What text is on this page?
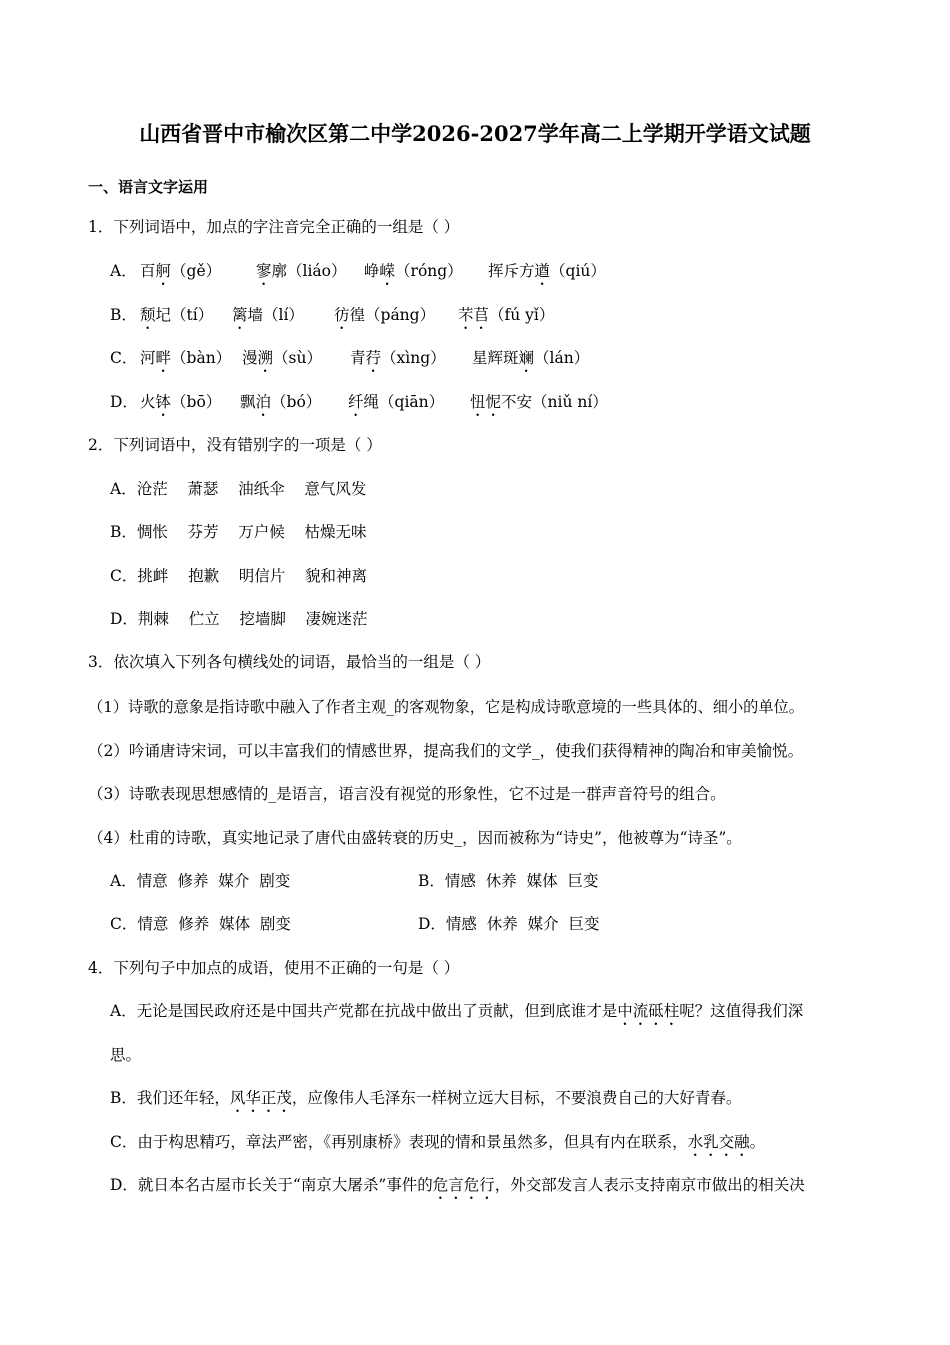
山西省晋中市榆次区第二中学2026-2027学年高二上学期开学语文试题
一、语言文字运用
1．下列词语中，加点的字注音完全正确的一组是（ ）
A． 百舸（gě） 寥廓（liáo） 峥嵘（róng） 挥斥方遒（qiú）
B． 颓圮（tí） 篱墙（lí） 彷徨（páng） 芣苢（fú yǐ）
C． 河畔（bàn） 漫溯（sù） 青荇（xìng） 星辉斑斓（lán）
D． 火钵（bō） 飘泊（bó） 纤绳（qiān） 忸怩不安（niǔ ní）
2．下列词语中，没有错别字的一项是（ ）
A．沧茫    萧瑟    油纸伞    意气风发
B．惆怅    芬芳    万户候    枯燥无味
C．挑衅    抱歉    明信片    貌和神离
D．荆棘    伫立    挖墙脚    凄婉迷茫
3．依次填入下列各句横线处的词语，最恰当的一组是（ ）
（1）诗歌的意象是指诗歌中融入了作者主观_的客观物象，它是构成诗歌意境的一些具体的、细小的单位。
（2）吟诵唐诗宋词，可以丰富我们的情感世界，提高我们的文学_，使我们获得精神的陶冶和审美愉悦。
（3）诗歌表现思想感情的_是语言，语言没有视觉的形象性，它不过是一群声音符号的组合。
（4）杜甫的诗歌，真实地记录了唐代由盛转衰的历史_，因而被称为“诗史”，他被尊为“诗圣”。
A．情意  修养  媒介  剧变	B．情感  休养  媒体  巨变
C．情意  修养  媒体  剧变	D．情感  休养  媒介  巨变
4．下列句子中加点的成语，使用不正确的一句是（ ）
A．无论是国民政府还是中国共产党都在抗战中做出了贡献，但到底谁才是中流砥柱呢？这值得我们深
思。
B．我们还年轻，风华正茂，应像伟人毛泽东一样树立远大目标，不要浪费自己的大好青春。
C．由于构思精巧，章法严密，《再别康桥》表现的情和景虽然多，但具有内在联系，水乳交融。
D．就日本名古屋市长关于“南京大屠杀”事件的危言危行，外交部发言人表示支持南京市做出的相关决
